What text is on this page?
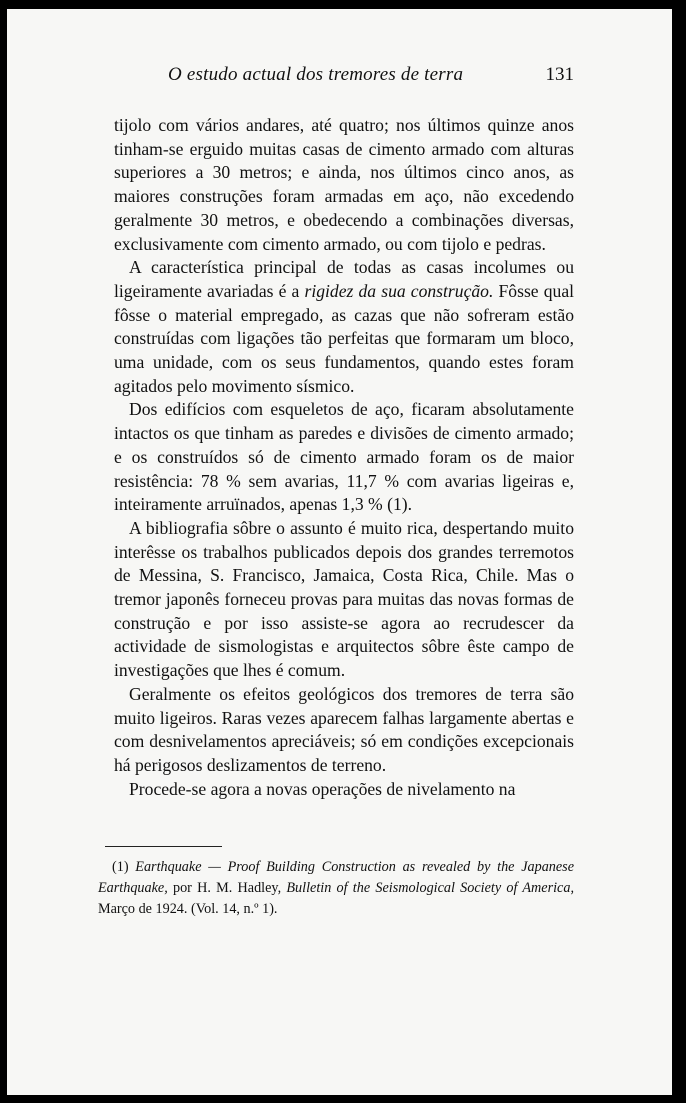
O estudo actual dos tremores de terra	131

tijolo com vários andares, até quatro; nos últimos quinze anos tinham-se erguido muitas casas de cimento armado com alturas superiores a 30 metros; e ainda, nos últimos cinco anos, as maiores construções foram armadas em aço, não excedendo geralmente 30 metros, e obedecendo a combinações diversas, exclusivamente com cimento armado, ou com tijolo e pedras.

A característica principal de todas as casas incolumes ou ligeiramente avariadas é a rigidez da sua construção. Fôsse qual fôsse o material empregado, as cazas que não sofreram estão construídas com ligações tão perfeitas que formaram um bloco, uma unidade, com os seus fundamentos, quando estes foram agitados pelo movimento sísmico.

Dos edifícios com esqueletos de aço, ficaram absolutamente intactos os que tinham as paredes e divisões de cimento armado; e os construídos só de cimento armado foram os de maior resistência: 78 % sem avarias, 11,7 % com avarias ligeiras e, inteiramente arruïnados, apenas 1,3 % (1).

A bibliografia sôbre o assunto é muito rica, despertando muito interêsse os trabalhos publicados depois dos grandes terremotos de Messina, S. Francisco, Jamaica, Costa Rica, Chile. Mas o tremor japonês forneceu provas para muitas das novas formas de construção e por isso assiste-se agora ao recrudescer da actividade de sismologistas e arquitectos sôbre êste campo de investigações que lhes é comum.

Geralmente os efeitos geológicos dos tremores de terra são muito ligeiros. Raras vezes aparecem falhas largamente abertas e com desnivelamentos apreciáveis; só em condições excepcionais há perigosos deslizamentos de terreno.

Procede-se agora a novas operações de nivelamento na

(1) Earthquake — Proof Building Construction as revealed by the Japanese Earthquake, por H. M. Hadley, Bulletin of the Seismological Society of America, Março de 1924. (Vol. 14, n.º 1).
